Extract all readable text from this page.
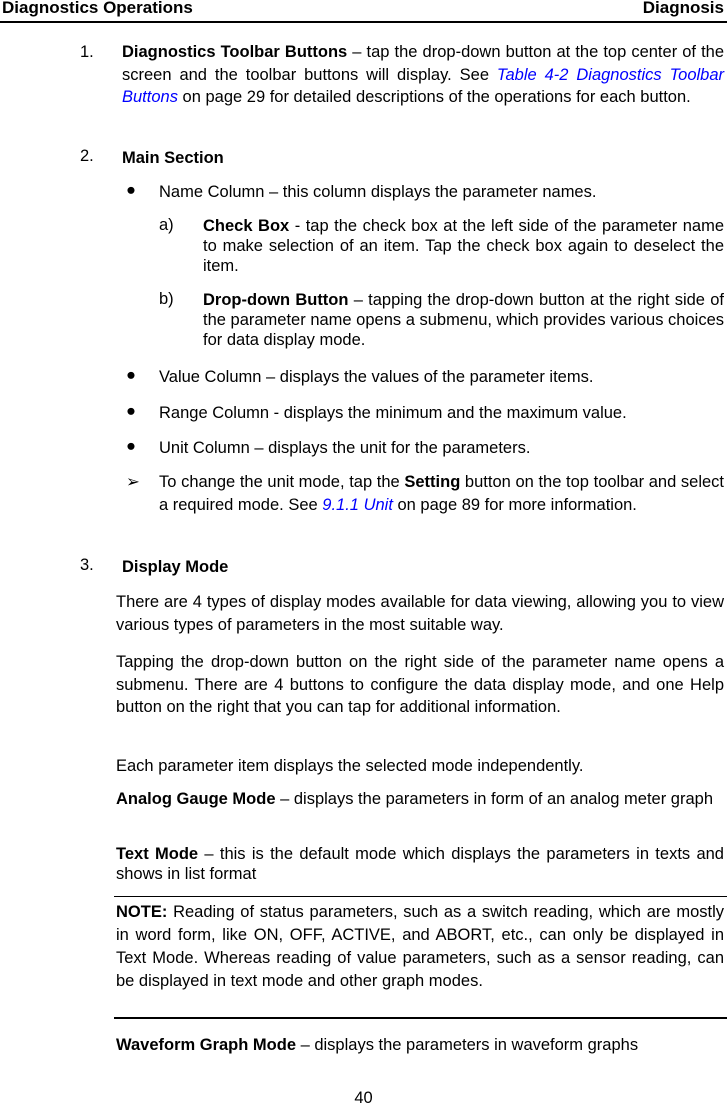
Diagnostics Operations	Diagnosis
1. Diagnostics Toolbar Buttons – tap the drop-down button at the top center of the screen and the toolbar buttons will display. See Table 4-2 Diagnostics Toolbar Buttons on page 29 for detailed descriptions of the operations for each button.
2. Main Section
● Name Column – this column displays the parameter names.
a) Check Box - tap the check box at the left side of the parameter name to make selection of an item. Tap the check box again to deselect the item.
b) Drop-down Button – tapping the drop-down button at the right side of the parameter name opens a submenu, which provides various choices for data display mode.
● Value Column – displays the values of the parameter items.
● Range Column - displays the minimum and the maximum value.
● Unit Column – displays the unit for the parameters.
➢ To change the unit mode, tap the Setting button on the top toolbar and select a required mode. See 9.1.1 Unit on page 89 for more information.
3. Display Mode
There are 4 types of display modes available for data viewing, allowing you to view various types of parameters in the most suitable way.
Tapping the drop-down button on the right side of the parameter name opens a submenu. There are 4 buttons to configure the data display mode, and one Help button on the right that you can tap for additional information.
Each parameter item displays the selected mode independently.
Analog Gauge Mode – displays the parameters in form of an analog meter graph
Text Mode – this is the default mode which displays the parameters in texts and shows in list format
NOTE: Reading of status parameters, such as a switch reading, which are mostly in word form, like ON, OFF, ACTIVE, and ABORT, etc., can only be displayed in Text Mode. Whereas reading of value parameters, such as a sensor reading, can be displayed in text mode and other graph modes.
Waveform Graph Mode – displays the parameters in waveform graphs
40
